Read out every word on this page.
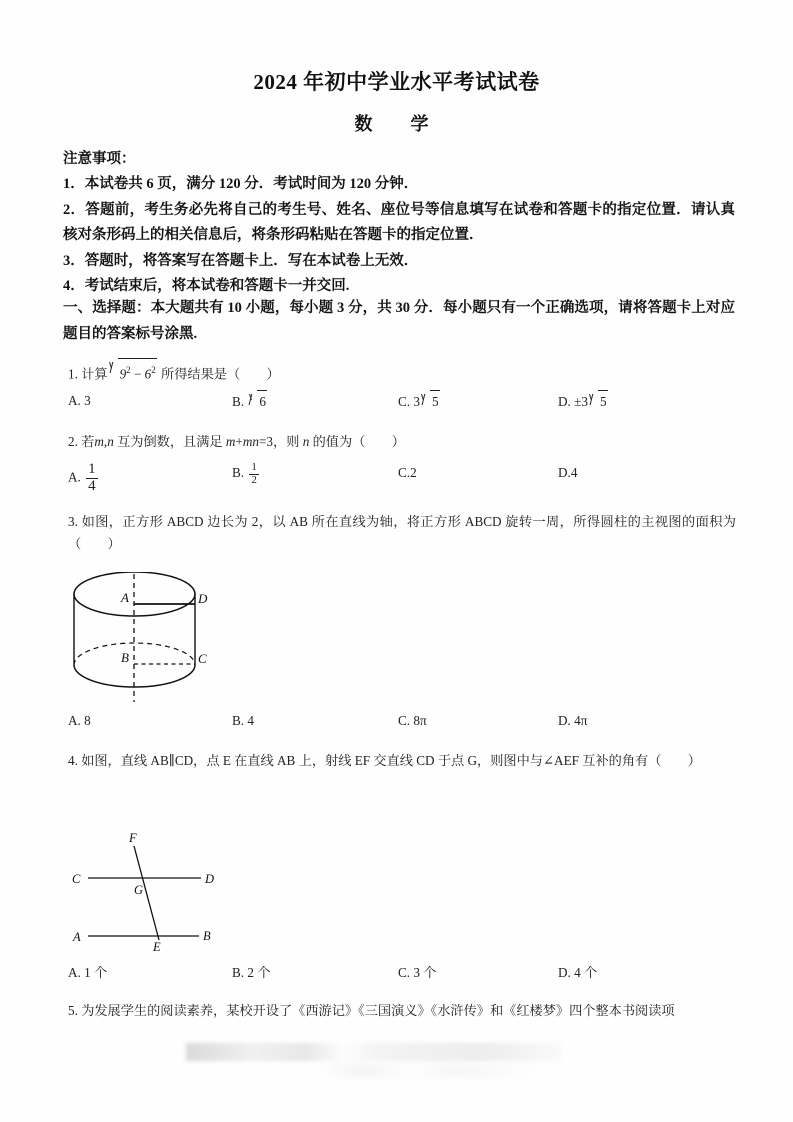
2024 年初中学业水平考试试卷
数　学
注意事项：
1．本试卷共 6 页，满分 120 分．考试时间为 120 分钟．
2．答题前，考生务必先将自己的考生号、姓名、座位号等信息填写在试卷和答题卡的指定位置．请认真核对条形码上的相关信息后，将条形码粘贴在答题卡的指定位置．
3．答题时，将答案写在答题卡上．写在本试卷上无效．
4．考试结束后，将本试卷和答题卡一并交回.
一、选择题：本大题共有 10 小题，每小题 3 分，共 30 分．每小题只有一个正确选项，请将答题卡上对应题目的答案标号涂黑.
1. 计算 $9^2 - 6^2$ 所得结果是（　　）
A. 3	B. 6	C. 3 5	D. ±3 5
2. 若m,n 互为倒数，且满足 m+mn=3，则 n 的值为（　　）
A. $\frac{1}{4}$	B. $\frac{1}{2}$	C.2	D.4
3. 如图，正方形 ABCD 边长为 2，以 AB 所在直线为轴，将正方形 ABCD 旋转一周，所得圆柱的主视图的面积为（　　）
A	D
B	C
A. 8	B. 4	C. 8π	D. 4π
4. 如图，直线 AB∥CD，点 E 在直线 AB 上，射线 EF 交直线 CD 于点 G，则图中与∠AEF 互补的角有（　　）
F
C	D
G
A	B
E
A. 1 个	B. 2 个	C. 3 个	D. 4 个
5. 为发展学生的阅读素养，某校开设了《西游记》《三国演义》《水浒传》和《红楼梦》四个整本书阅读项
